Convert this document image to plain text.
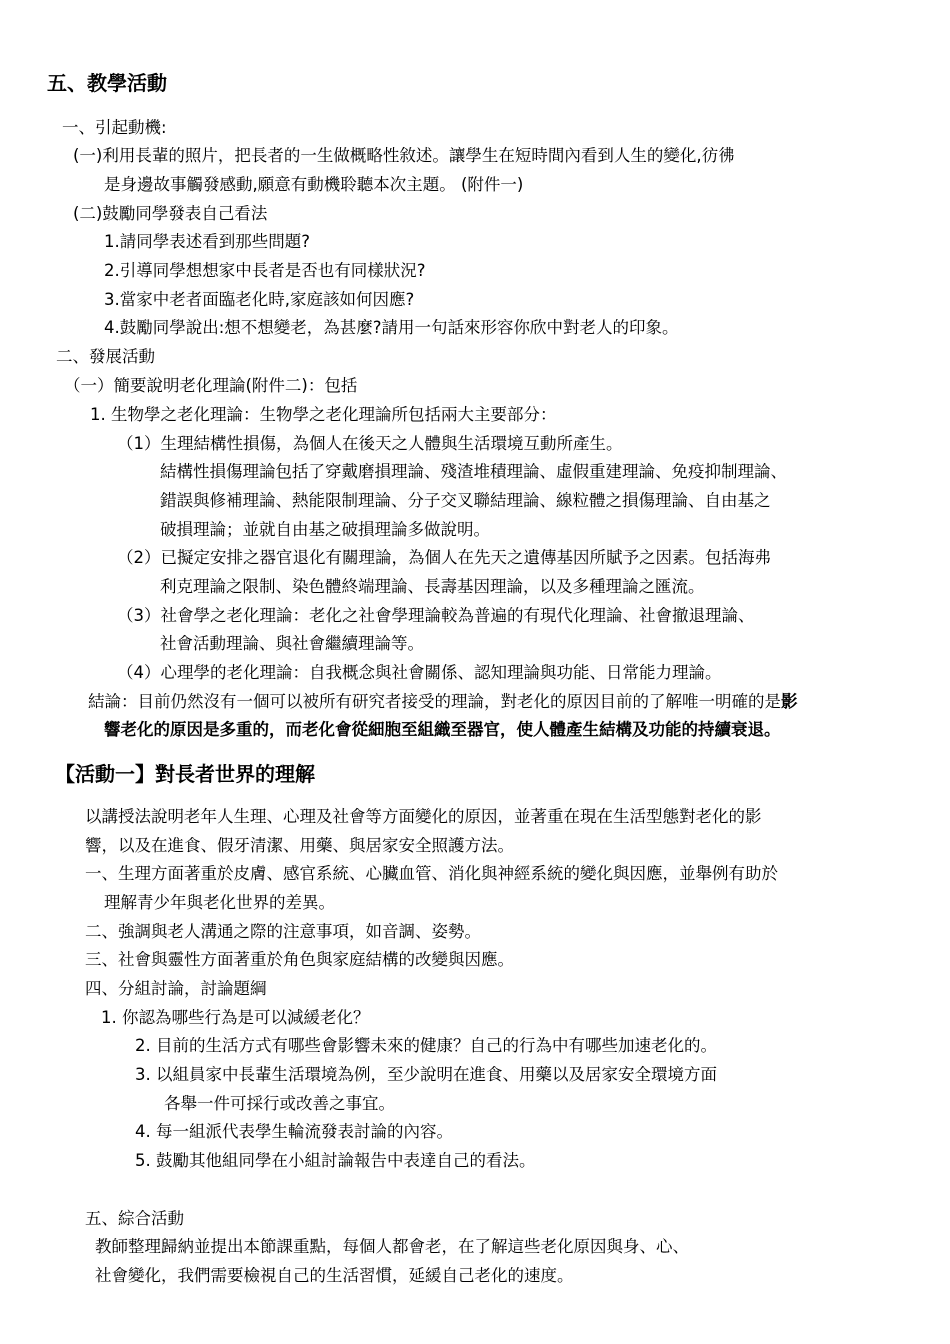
五、教學活動
一、引起動機:
(一)利用長輩的照片，把長者的一生做概略性敘述。讓學生在短時間內看到人生的變化,彷彿
是身邊故事觸發感動,願意有動機聆聽本次主題。 (附件一)
(二)鼓勵同學發表自己看法
1.請同學表述看到那些問題?
2.引導同學想想家中長者是否也有同樣狀況?
3.當家中老者面臨老化時,家庭該如何因應?
4.鼓勵同學說出:想不想變老，為甚麼?請用一句話來形容你欣中對老人的印象。
二、發展活動
（一）簡要說明老化理論(附件二)：包括
1. 生物學之老化理論：生物學之老化理論所包括兩大主要部分：
（1）生理結構性損傷，為個人在後天之人體與生活環境互動所產生。
結構性損傷理論包括了穿戴磨損理論、殘渣堆積理論、虛假重建理論、免疫抑制理論、
錯誤與修補理論、熱能限制理論、分子交叉聯結理論、線粒體之損傷理論、自由基之
破損理論；並就自由基之破損理論多做說明。
（2）已擬定安排之器官退化有關理論，為個人在先天之遺傳基因所賦予之因素。包括海弗
利克理論之限制、染色體終端理論、長壽基因理論，以及多種理論之匯流。
（3）社會學之老化理論：老化之社會學理論較為普遍的有現代化理論、社會撤退理論、
社會活動理論、與社會繼續理論等。
（4）心理學的老化理論：自我概念與社會關係、認知理論與功能、日常能力理論。
結論：目前仍然沒有一個可以被所有研究者接受的理論，對老化的原因目前的了解唯一明確的是影
響老化的原因是多重的，而老化會從細胞至組織至器官，使人體產生結構及功能的持續衰退。
【活動一】對長者世界的理解
以講授法說明老年人生理、心理及社會等方面變化的原因，並著重在現在生活型態對老化的影
響，以及在進食、假牙清潔、用藥、與居家安全照護方法。
一、生理方面著重於皮膚、感官系統、心臟血管、消化與神經系統的變化與因應，並舉例有助於
理解青少年與老化世界的差異。
二、強調與老人溝通之際的注意事項，如音調、姿勢。
三、社會與靈性方面著重於角色與家庭結構的改變與因應。
四、分組討論，討論題綱
1. 你認為哪些行為是可以減緩老化？
2. 目前的生活方式有哪些會影響未來的健康？自己的行為中有哪些加速老化的。
3. 以組員家中長輩生活環境為例，至少說明在進食、用藥以及居家安全環境方面
各舉一件可採行或改善之事宜。
4. 每一組派代表學生輪流發表討論的內容。
5. 鼓勵其他組同學在小組討論報告中表達自己的看法。
五、綜合活動
教師整理歸納並提出本節課重點，每個人都會老，在了解這些老化原因與身、心、
社會變化，我們需要檢視自己的生活習慣，延緩自己老化的速度。
